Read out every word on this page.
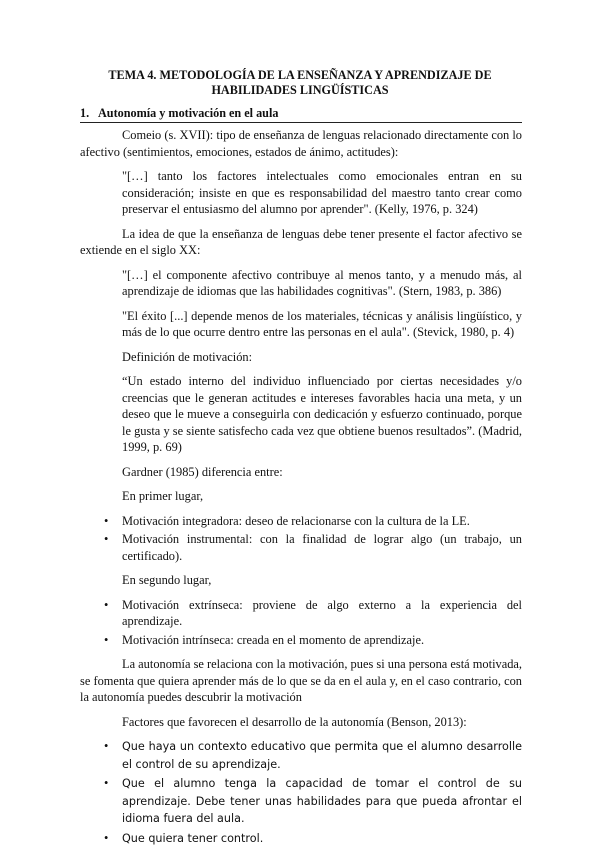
TEMA 4. METODOLOGÍA DE LA ENSEÑANZA Y APRENDIZAJE DE
HABILIDADES LINGÜÍSTICAS
1. Autonomía y motivación en el aula

Comeio (s. XVII): tipo de enseñanza de lenguas relacionado directamente con lo afectivo (sentimientos, emociones, estados de ánimo, actitudes):

"[…] tanto los factores intelectuales como emocionales entran en su consideración; insiste en que es responsabilidad del maestro tanto crear como preservar el entusiasmo del alumno por aprender". (Kelly, 1976, p. 324)

La idea de que la enseñanza de lenguas debe tener presente el factor afectivo se extiende en el siglo XX:

"[…] el componente afectivo contribuye al menos tanto, y a menudo más, al aprendizaje de idiomas que las habilidades cognitivas". (Stern, 1983, p. 386)

"El éxito [...] depende menos de los materiales, técnicas y análisis lingüístico, y más de lo que ocurre dentro entre las personas en el aula". (Stevick, 1980, p. 4)

Definición de motivación:

“Un estado interno del individuo influenciado por ciertas necesidades y/o creencias que le generan actitudes e intereses favorables hacia una meta, y un deseo que le mueve a conseguirla con dedicación y esfuerzo continuado, porque le gusta y se siente satisfecho cada vez que obtiene buenos resultados”. (Madrid, 1999, p. 69)

Gardner (1985) diferencia entre:

En primer lugar,

• Motivación integradora: deseo de relacionarse con la cultura de la LE.
• Motivación instrumental: con la finalidad de lograr algo (un trabajo, un certificado).

En segundo lugar,

• Motivación extrínseca: proviene de algo externo a la experiencia del aprendizaje.
• Motivación intrínseca: creada en el momento de aprendizaje.

La autonomía se relaciona con la motivación, pues si una persona está motivada, se fomenta que quiera aprender más de lo que se da en el aula y, en el caso contrario, con la autonomía puedes descubrir la motivación

Factores que favorecen el desarrollo de la autonomía (Benson, 2013):

• Que haya un contexto educativo que permita que el alumno desarrolle el control de su aprendizaje.
• Que el alumno tenga la capacidad de tomar el control de su aprendizaje. Debe tener unas habilidades para que pueda afrontar el idioma fuera del aula.
• Que quiera tener control.
